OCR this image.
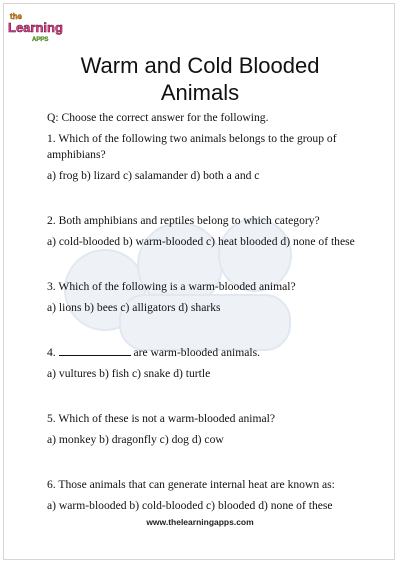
the
Learning
APPS
Warm and Cold Blooded Animals

Q: Choose the correct answer for the following.

1. Which of the following two animals belongs to the group of amphibians?

a) frog b) lizard c) salamander d) both a and c

2. Both amphibians and reptiles belong to which category?

a) cold-blooded b) warm-blooded c) heat blooded d) none of these

3. Which of the following is a warm-blooded animal?

a) lions b) bees c) alligators d) sharks

4.	are warm-blooded animals.

a) vultures b) fish c) snake d) turtle

5. Which of these is not a warm-blooded animal?

a) monkey b) dragonfly c) dog d) cow

6. Those animals that can generate internal heat are known as:

a) warm-blooded b) cold-blooded c) blooded d) none of these

www.thelearningapps.com
